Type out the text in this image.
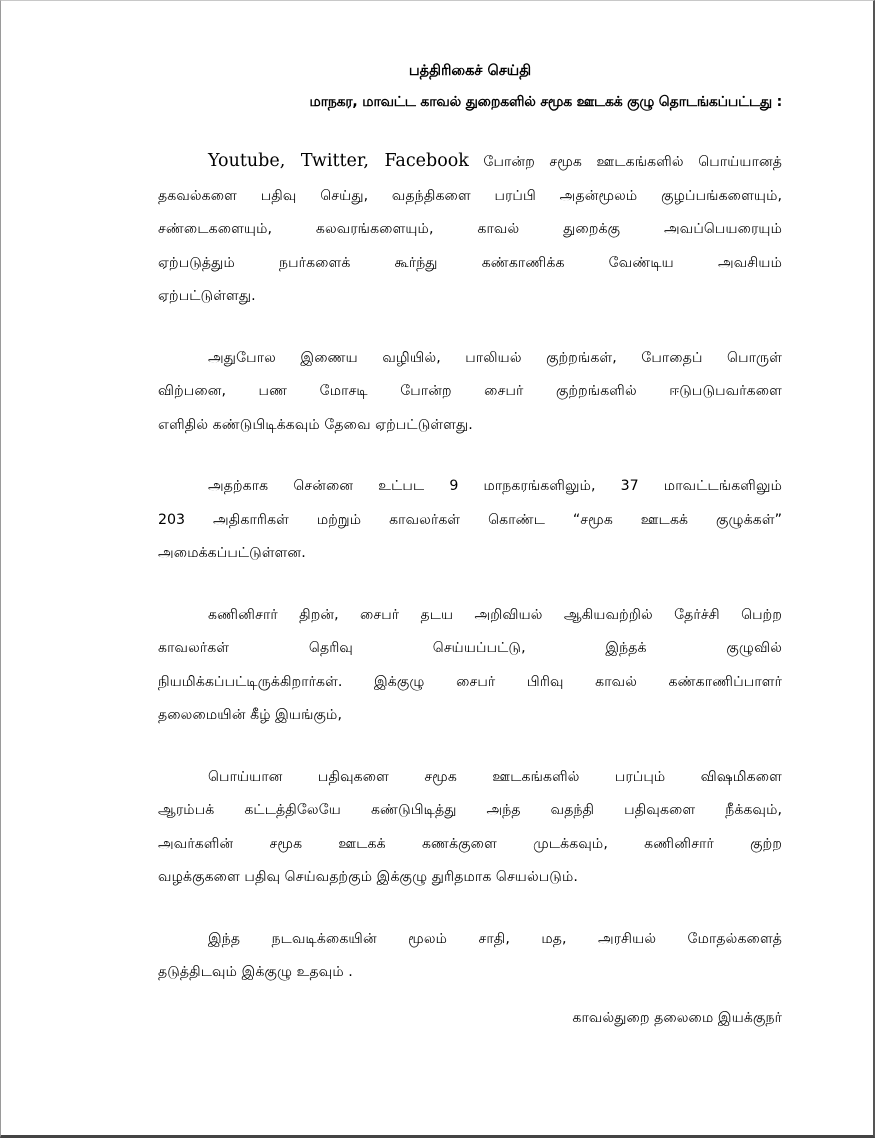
பத்திரிகைச் செய்தி
மாநகர, மாவட்ட காவல் துறைகளில் சமூக ஊடகக் குழு தொடங்கப்பட்டது :
Youtube, Twitter, Facebook போன்ற சமூக ஊடகங்களில் பொய்யானத்
தகவல்களை பதிவு செய்து, வதந்திகளை பரப்பி அதன்மூலம் குழப்பங்களையும்,
சண்டைகளையும், கலவரங்களையும், காவல் துறைக்கு அவப்பெயரையும்
ஏற்படுத்தும் நபர்களைக் கூர்ந்து கண்காணிக்க வேண்டிய அவசியம்
ஏற்பட்டுள்ளது.
அதுபோல இணைய வழியில், பாலியல் குற்றங்கள், போதைப் பொருள்
விற்பனை, பண மோசடி போன்ற சைபர் குற்றங்களில் ஈடுபடுபவர்களை
எளிதில் கண்டுபிடிக்கவும் தேவை ஏற்பட்டுள்ளது.
அதற்காக சென்னை உட்பட 9 மாநகரங்களிலும், 37 மாவட்டங்களிலும்
203 அதிகாரிகள் மற்றும் காவலர்கள் கொண்ட “சமூக ஊடகக் குழுக்கள்”
அமைக்கப்பட்டுள்ளன.
கணினிசார் திறன், சைபர் தடய அறிவியல் ஆகியவற்றில் தேர்ச்சி பெற்ற
காவலர்கள் தெரிவு செய்யப்பட்டு, இந்தக் குழுவில்
நியமிக்கப்பட்டிருக்கிறார்கள். இக்குழு சைபர் பிரிவு காவல் கண்காணிப்பாளர்
தலைமையின் கீழ் இயங்கும்,
பொய்யான பதிவுகளை சமூக ஊடகங்களில் பரப்பும் விஷமிகளை
ஆரம்பக் கட்டத்திலேயே கண்டுபிடித்து அந்த வதந்தி பதிவுகளை நீக்கவும்,
அவர்களின் சமூக ஊடகக் கணக்குளை முடக்கவும், கணினிசார் குற்ற
வழக்குகளை பதிவு செய்வதற்கும் இக்குழு துரிதமாக செயல்படும்.
இந்த நடவடிக்கையின் மூலம் சாதி, மத, அரசியல் மோதல்களைத்
தடுத்திடவும் இக்குழு உதவும் .
காவல்துறை தலைமை இயக்குநர்
